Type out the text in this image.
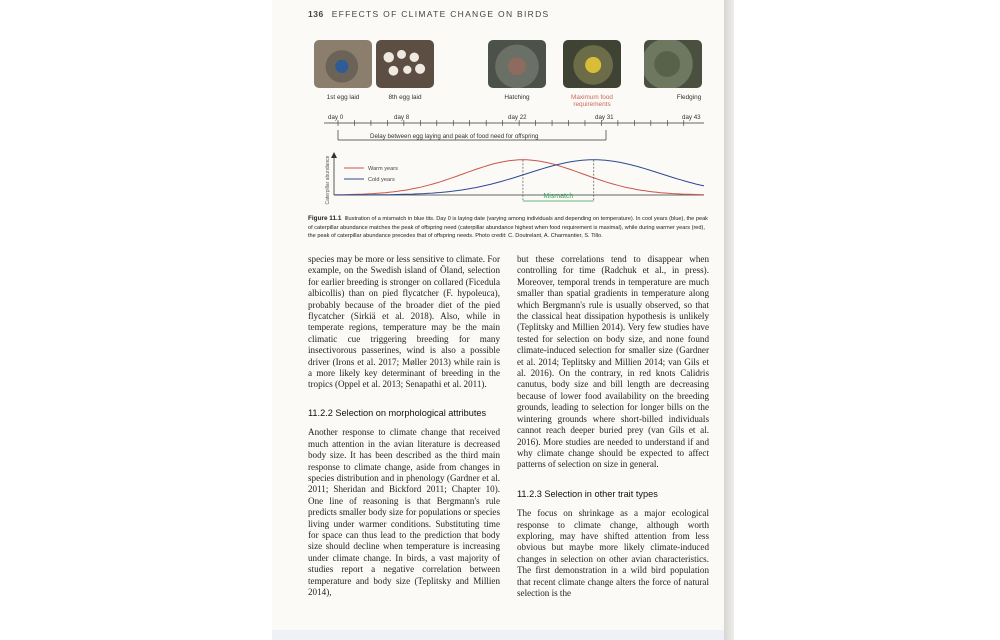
136 EFFECTS OF CLIMATE CHANGE ON BIRDS
1st egg laid	8th egg laid	Hatching	Maximum food
requirements
Fledging
day 0	day 8	day 22	day 31	day 43
Delay between egg laying and peak of food need for offspring
Caterpillar abundance	Warm years
Cold years
Mismatch
Figure 11.1 Illustration of a mismatch in blue tits. Day 0 is laying date (varying among individuals and depending on temperature). In cool years (blue), the peak of caterpillar abundance matches the peak of offspring need (caterpillar abundance highest when food requirement is maximal), while during warmer years (red), the peak of caterpillar abundance precedes that of offspring needs. Photo credit: C. Doutrelant, A. Charmantier, S. Tillo.

species may be more or less sensitive to climate. For example, on the Swedish island of Öland, selection for earlier breeding is stronger on collared (Ficedula albicollis) than on pied flycatcher (F. hypoleuca), probably because of the broader diet of the pied flycatcher (Sirkiä et al. 2018). Also, while in temperate regions, temperature may be the main climatic cue triggering breeding for many insectivorous passerines, wind is also a possible driver (Irons et al. 2017; Møller 2013) while rain is a more likely key determinant of breeding in the tropics (Oppel et al. 2013; Senapathi et al. 2011).

11.2.2 Selection on morphological attributes

Another response to climate change that received much attention in the avian literature is decreased body size. It has been described as the third main response to climate change, aside from changes in species distribution and in phenology (Gardner et al. 2011; Sheridan and Bickford 2011; Chapter 10). One line of reasoning is that Bergmann's rule predicts smaller body size for populations or species living under warmer conditions. Substituting time for space can thus lead to the prediction that body size should decline when temperature is increasing under climate change. In birds, a vast majority of studies report a negative correlation between temperature and body size (Teplitsky and Millien 2014),

but these correlations tend to disappear when controlling for time (Radchuk et al., in press). Moreover, temporal trends in temperature are much smaller than spatial gradients in temperature along which Bergmann's rule is usually observed, so that the classical heat dissipation hypothesis is unlikely (Teplitsky and Millien 2014). Very few studies have tested for selection on body size, and none found climate-induced selection for smaller size (Gardner et al. 2014; Teplitsky and Millien 2014; van Gils et al. 2016). On the contrary, in red knots Calidris canutus, body size and bill length are decreasing because of lower food availability on the breeding grounds, leading to selection for longer bills on the wintering grounds where short-billed individuals cannot reach deeper buried prey (van Gils et al. 2016). More studies are needed to understand if and why climate change should be expected to affect patterns of selection on size in general.

11.2.3 Selection in other trait types

The focus on shrinkage as a major ecological response to climate change, although worth exploring, may have shifted attention from less obvious but maybe more likely climate-induced changes in selection on other avian characteristics. The first demonstration in a wild bird population that recent climate change alters the force of natural selection is the
